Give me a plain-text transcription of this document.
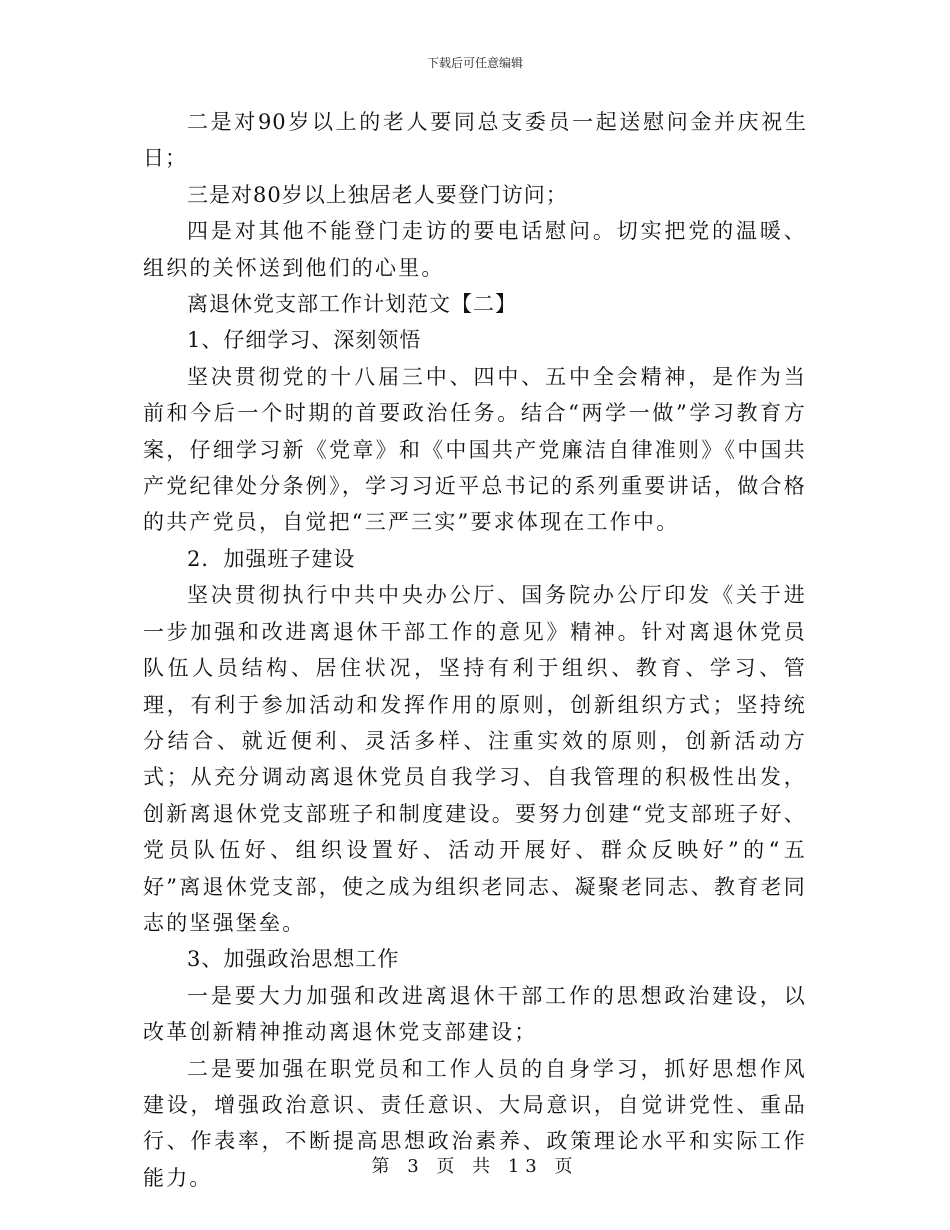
下载后可任意编辑

二是对90岁以上的老人要同总支委员一起送慰问金并庆祝生日；

三是对80岁以上独居老人要登门访问；

四是对其他不能登门走访的要电话慰问。切实把党的温暖、组织的关怀送到他们的心里。

离退休党支部工作计划范文【二】

1、仔细学习、深刻领悟

坚决贯彻党的十八届三中、四中、五中全会精神，是作为当前和今后一个时期的首要政治任务。结合“两学一做”学习教育方案，仔细学习新《党章》和《中国共产党廉洁自律准则》《中国共产党纪律处分条例》，学习习近平总书记的系列重要讲话，做合格的共产党员，自觉把“三严三实”要求体现在工作中。

2．加强班子建设

坚决贯彻执行中共中央办公厅、国务院办公厅印发《关于进一步加强和改进离退休干部工作的意见》精神。针对离退休党员队伍人员结构、居住状况，坚持有利于组织、教育、学习、管理，有利于参加活动和发挥作用的原则，创新组织方式；坚持统分结合、就近便利、灵活多样、注重实效的原则，创新活动方式；从充分调动离退休党员自我学习、自我管理的积极性出发，创新离退休党支部班子和制度建设。要努力创建“党支部班子好、党员队伍好、组织设置好、活动开展好、群众反映好”的“五好”离退休党支部，使之成为组织老同志、凝聚老同志、教育老同志的坚强堡垒。

3、加强政治思想工作

一是要大力加强和改进离退休干部工作的思想政治建设，以改革创新精神推动离退休党支部建设；

二是要加强在职党员和工作人员的自身学习，抓好思想作风建设，增强政治意识、责任意识、大局意识，自觉讲党性、重品行、作表率，不断提高思想政治素养、政策理论水平和实际工作能力。	第 3 页 共 13 页
